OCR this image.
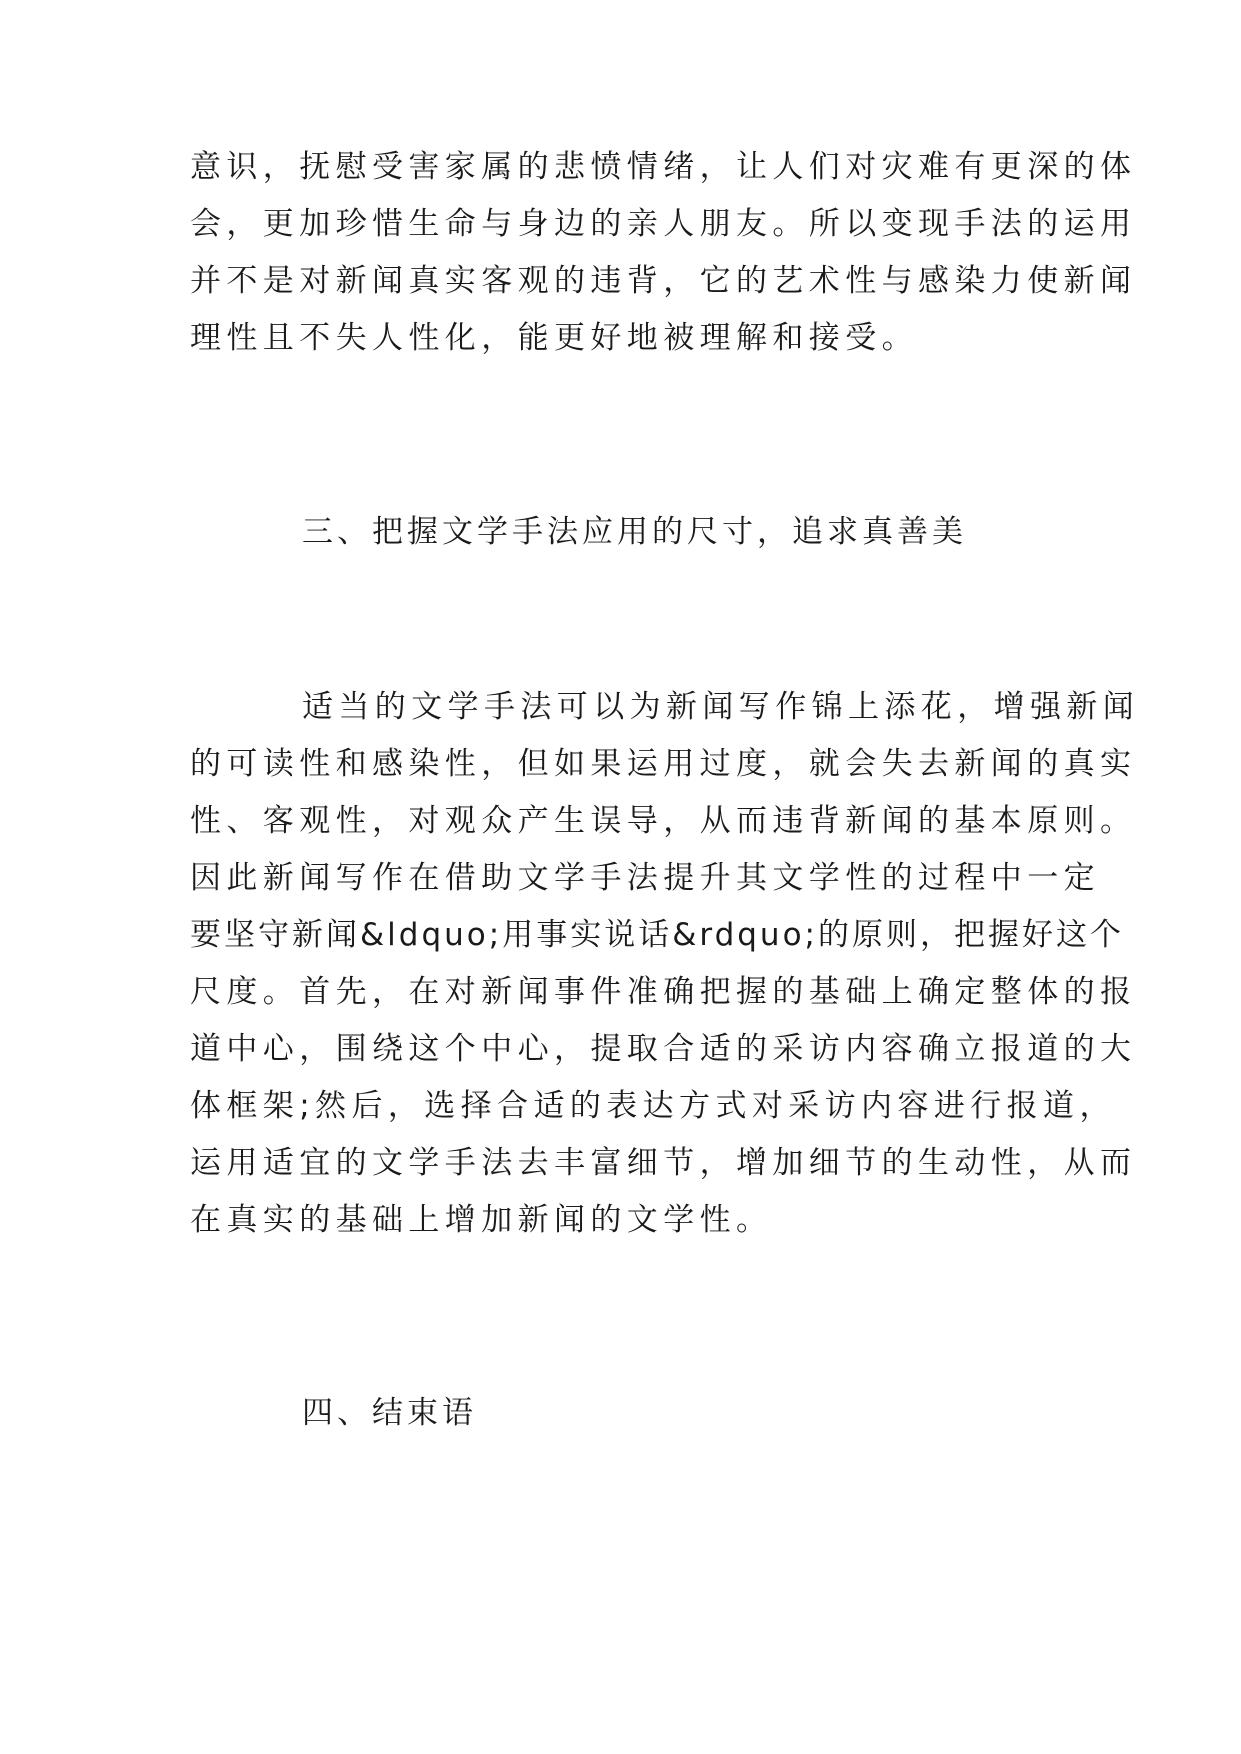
意识，抚慰受害家属的悲愤情绪，让人们对灾难有更深的体
会，更加珍惜生命与身边的亲人朋友。所以变现手法的运用
并不是对新闻真实客观的违背，它的艺术性与感染力使新闻
理性且不失人性化，能更好地被理解和接受。
三、把握文学手法应用的尺寸，追求真善美
适当的文学手法可以为新闻写作锦上添花，增强新闻
的可读性和感染性，但如果运用过度，就会失去新闻的真实
性、客观性，对观众产生误导，从而违背新闻的基本原则。
因此新闻写作在借助文学手法提升其文学性的过程中一定
要坚守新闻&ldquo;用事实说话&rdquo;的原则，把握好这个
尺度。首先，在对新闻事件准确把握的基础上确定整体的报
道中心，围绕这个中心，提取合适的采访内容确立报道的大
体框架;然后，选择合适的表达方式对采访内容进行报道，
运用适宜的文学手法去丰富细节，增加细节的生动性，从而
在真实的基础上增加新闻的文学性。
四、结束语
